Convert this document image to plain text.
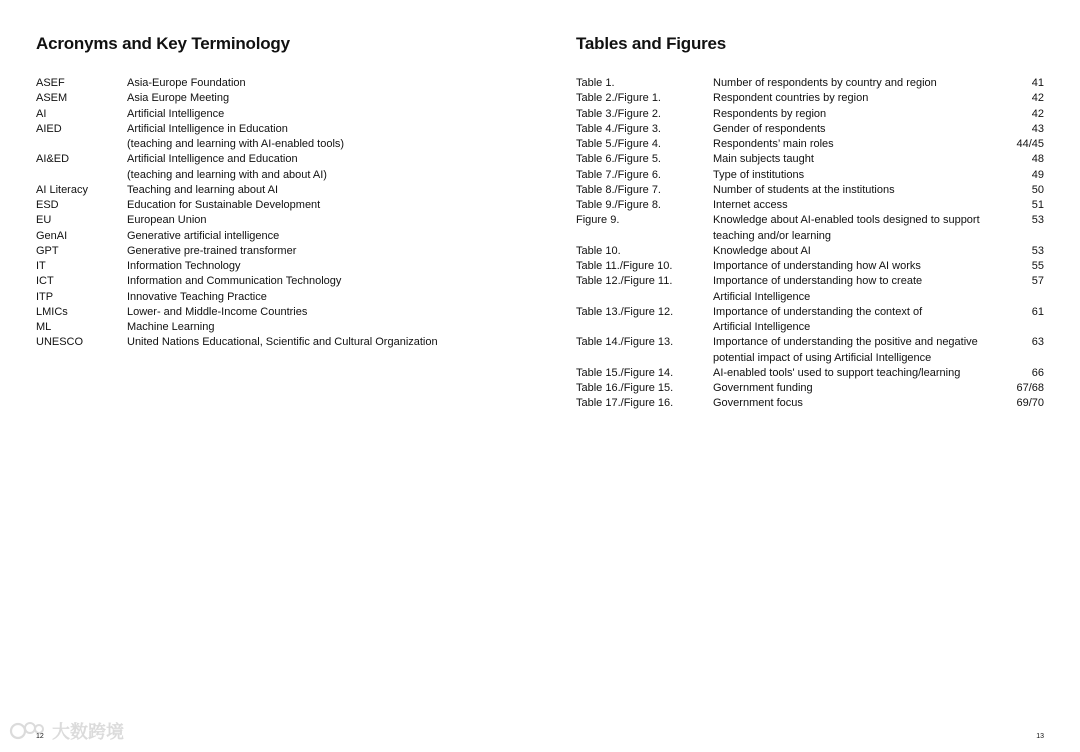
Acronyms and Key Terminology
ASEF	Asia-Europe Foundation
ASEM	Asia Europe Meeting
AI	Artificial Intelligence
AIED	Artificial Intelligence in Education
(teaching and learning with AI-enabled tools)
AI&ED	Artificial Intelligence and Education
(teaching and learning with and about AI)
AI Literacy	Teaching and learning about AI
ESD	Education for Sustainable Development
EU	European Union
GenAI	Generative artificial intelligence
GPT	Generative pre-trained transformer
IT	Information Technology
ICT	Information and Communication Technology
ITP	Innovative Teaching Practice
LMICs	Lower- and Middle-Income Countries
ML	Machine Learning
UNESCO	United Nations Educational, Scientific and Cultural Organization
12
Tables and Figures
Table 1.	Number of respondents by country and region	41
Table 2./Figure 1.	Respondent countries by region	42
Table 3./Figure 2.	Respondents by region	42
Table 4./Figure 3.	Gender of respondents	43
Table 5./Figure 4.	Respondents’ main roles	44/45
Table 6./Figure 5.	Main subjects taught	48
Table 7./Figure 6.	Type of institutions	49
Table 8./Figure 7.	Number of students at the institutions	50
Table 9./Figure 8.	Internet access	51
Figure 9.	Knowledge about AI-enabled tools designed to support	53
teaching and/or learning
Table 10.	Knowledge about AI	53
Table 11./Figure 10.	Importance of understanding how AI works	55
Table 12./Figure 11.	Importance of understanding how to create	57
Artificial Intelligence
Table 13./Figure 12.	Importance of understanding the context of	61
Artificial Intelligence
Table 14./Figure 13.	Importance of understanding the positive and negative	63
potential impact of using Artificial Intelligence
Table 15./Figure 14.	AI-enabled tools' used to support teaching/learning	66
Table 16./Figure 15.	Government funding	67/68
Table 17./Figure 16.	Government focus	69/70
13
大数跨境
